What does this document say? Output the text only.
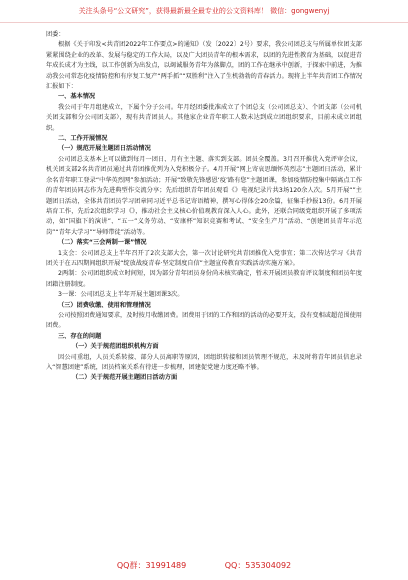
关注头条号“公文研究”，获得最新最全最专业的公文资料库！ 微信：gongwenyj

团委：

根据《关于印发<共青团2022年工作要点>的通知》（发〔2022〕2号）要求，我公司团总支与所属单位团支部紧紧围绕企业的改革、发展与稳定的工作大局，以及广大团员青年的根本需求，以团的先进性教育为基础，以促进青年成长成才为主线，以工作创新为出发点，以竭诚服务青年为落脚点，团的工作在继承中创新，于探索中前进，为推动我公司常态化疫情防控和有序复工复产“两手抓”“双胜利”注入了生机勃勃的青春活力。现将上半年共青团工作情况汇报如下：

一、基本情况

我公司于年月组建成立，下属个分子公司。年月经团委批准成立了个团总支（公司团总支）、个团支部（公司机关团支部和分公司团支部），现有共青团员人。其他家企业青年职工人数未达到成立团组织要求，目前未成立团组织。

二、工作开展情况

（一）规范开展主题团日活动情况

公司团总支基本上可以做到每月一团日、月有主主题、落实到支部。团员全覆盖。3月召开推优入党评审会议，机关团支部2名共青团员通过共青团推优列为入党积极分子。4月开展“网上寄哀思缅怀英烈志”主题团日活动，累计余名青年职工登录“中华英烈网”参加活动；开展“致敬先锋感恩‘疫’路有您”主题团课，参加疫情防控集中隔离点工作的青年团员同志作为先进典型作交流分享；先后组织青年团员观看《》电视纪录片共3场120余人次。5月开展“”主题团日活动，全体共青团员学习团章同习近平总书记寄语精神，撰写心得体会20余篇，征集手抄报13份。6月开展培育工作，先后2次组织学习《》，推动社会主义核心价值观教育深入人心。此外，还联合同级党组织开展了多项活动，如“国旗下的演讲”、“五一”义务劳动、“安康杯”知识竞赛和考试、“安全生产月”活动、“创建团员青年示范岗”“青年大学习”“导师带徒”活动等。

（二）落实“三会两制一课”情况

1支会：公司团总支上半年召开了2次支部大会，第一次讨论研究共青团推优入党事宜；第二次传达学习《共青团关于在五四期间组织开展“绽放战疫青春·坚定制度自信”主题宣传教育实践活动实施方案》。

2两制：公司团组织成立时间短，因为部分青年团员身份尚未核实确定，暂未开展团员教育评议制度和团员年度团籍注册制度。

3一课：公司团总支上半年开展主题团课3次。

（三）团费收缴、使用和管理情况

公司按照团费通知要求，及时按月收缴团费。团费用于团的工作和团的活动的必要开支，没有变相或超范围使用团费。

三、存在的问题

（一）关于规范团组织机构方面

因公司重组，人员关系转接、部分人员离职等原因，团组织转接和团员管理不规范，未及时将青年团员信息录入“智慧团建”系统，团员档案关系有待进一步梳理，团建促党建力度还略不够。

（二）关于规范开展主题团日活动方面

QQ群：31991489	QQ：535304092
